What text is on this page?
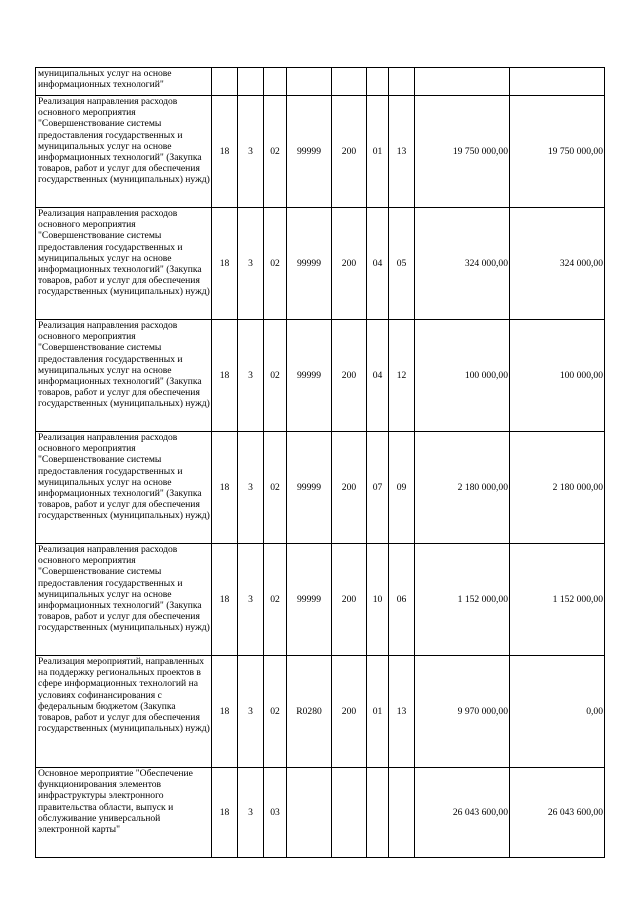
муниципальных услуг на основе информационных технологий"									
Реализация направления расходов основного мероприятия "Совершенствование системы предоставления государственных и муниципальных услуг на основе информационных технологий" (Закупка товаров, работ и услуг для обеспечения государственных (муниципальных) нужд)	18	3	02	99999	200	01	13	19 750 000,00	19 750 000,00
Реализация направления расходов основного мероприятия "Совершенствование системы предоставления государственных и муниципальных услуг на основе информационных технологий" (Закупка товаров, работ и услуг для обеспечения государственных (муниципальных) нужд)	18	3	02	99999	200	04	05	324 000,00	324 000,00
Реализация направления расходов основного мероприятия "Совершенствование системы предоставления государственных и муниципальных услуг на основе информационных технологий" (Закупка товаров, работ и услуг для обеспечения государственных (муниципальных) нужд)	18	3	02	99999	200	04	12	100 000,00	100 000,00
Реализация направления расходов основного мероприятия "Совершенствование системы предоставления государственных и муниципальных услуг на основе информационных технологий" (Закупка товаров, работ и услуг для обеспечения государственных (муниципальных) нужд)	18	3	02	99999	200	07	09	2 180 000,00	2 180 000,00
Реализация направления расходов основного мероприятия "Совершенствование системы предоставления государственных и муниципальных услуг на основе информационных технологий" (Закупка товаров, работ и услуг для обеспечения государственных (муниципальных) нужд)	18	3	02	99999	200	10	06	1 152 000,00	1 152 000,00
Реализация мероприятий, направленных на поддержку региональных проектов в сфере информационных технологий на условиях софинансирования с федеральным бюджетом (Закупка товаров, работ и услуг для обеспечения государственных (муниципальных) нужд)	18	3	02	R0280	200	01	13	9 970 000,00	0,00
Основное мероприятие "Обеспечение функционирования элементов инфраструктуры электронного правительства области, выпуск и обслуживание универсальной электронной карты"	18	3	03					26 043 600,00	26 043 600,00
